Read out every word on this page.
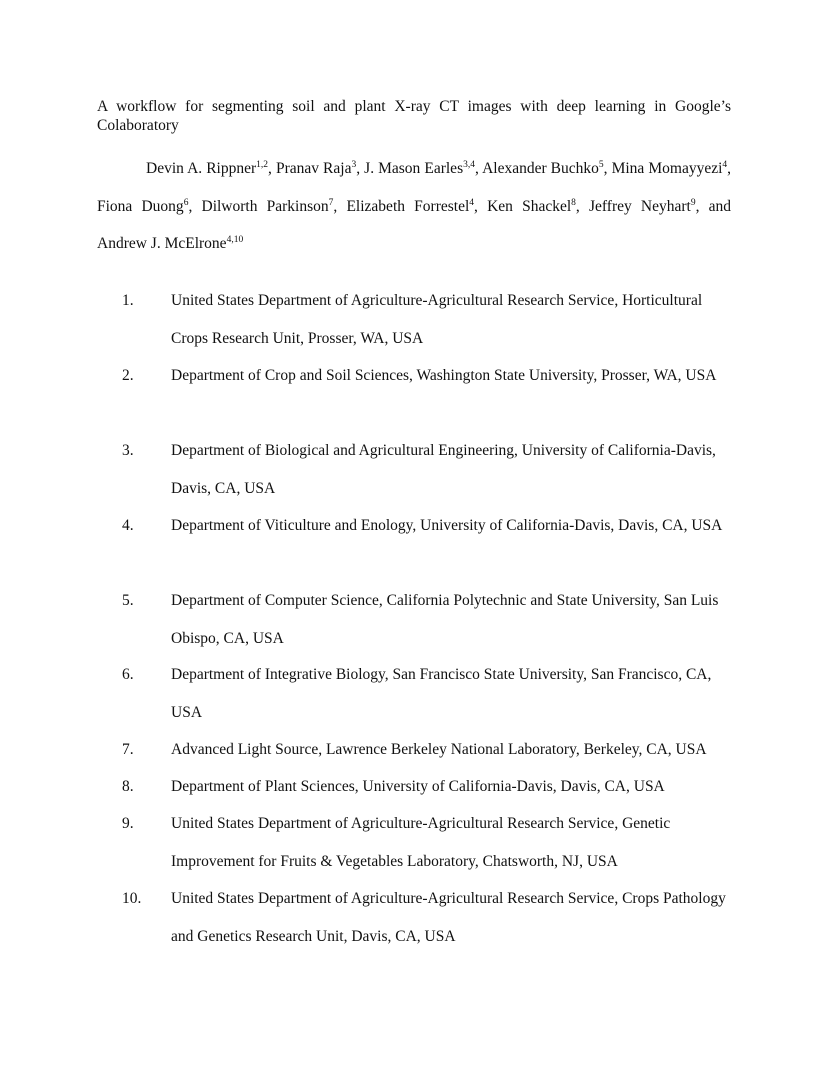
A workflow for segmenting soil and plant X-ray CT images with deep learning in Google’s Colaboratory
Devin A. Rippner$^{1,2}$, Pranav Raja$^3$, J. Mason Earles$^{3,4}$, Alexander Buchko$^5$, Mina Momayyezi$^4$, Fiona Duong$^6$, Dilworth Parkinson$^7$, Elizabeth Forrestel$^4$, Ken Shackel$^8$, Jeffrey Neyhart$^9$, and Andrew J. McElrone$^{4,10}$
1. United States Department of Agriculture-Agricultural Research Service, Horticultural Crops Research Unit, Prosser, WA, USA
2. Department of Crop and Soil Sciences, Washington State University, Prosser, WA, USA
3. Department of Biological and Agricultural Engineering, University of California-Davis, Davis, CA, USA
4. Department of Viticulture and Enology, University of California-Davis, Davis, CA, USA
5. Department of Computer Science, California Polytechnic and State University, San Luis Obispo, CA, USA
6. Department of Integrative Biology, San Francisco State University, San Francisco, CA, USA
7. Advanced Light Source, Lawrence Berkeley National Laboratory, Berkeley, CA, USA
8. Department of Plant Sciences, University of California-Davis, Davis, CA, USA
9. United States Department of Agriculture-Agricultural Research Service, Genetic Improvement for Fruits & Vegetables Laboratory, Chatsworth, NJ, USA
10. United States Department of Agriculture-Agricultural Research Service, Crops Pathology and Genetics Research Unit, Davis, CA, USA
